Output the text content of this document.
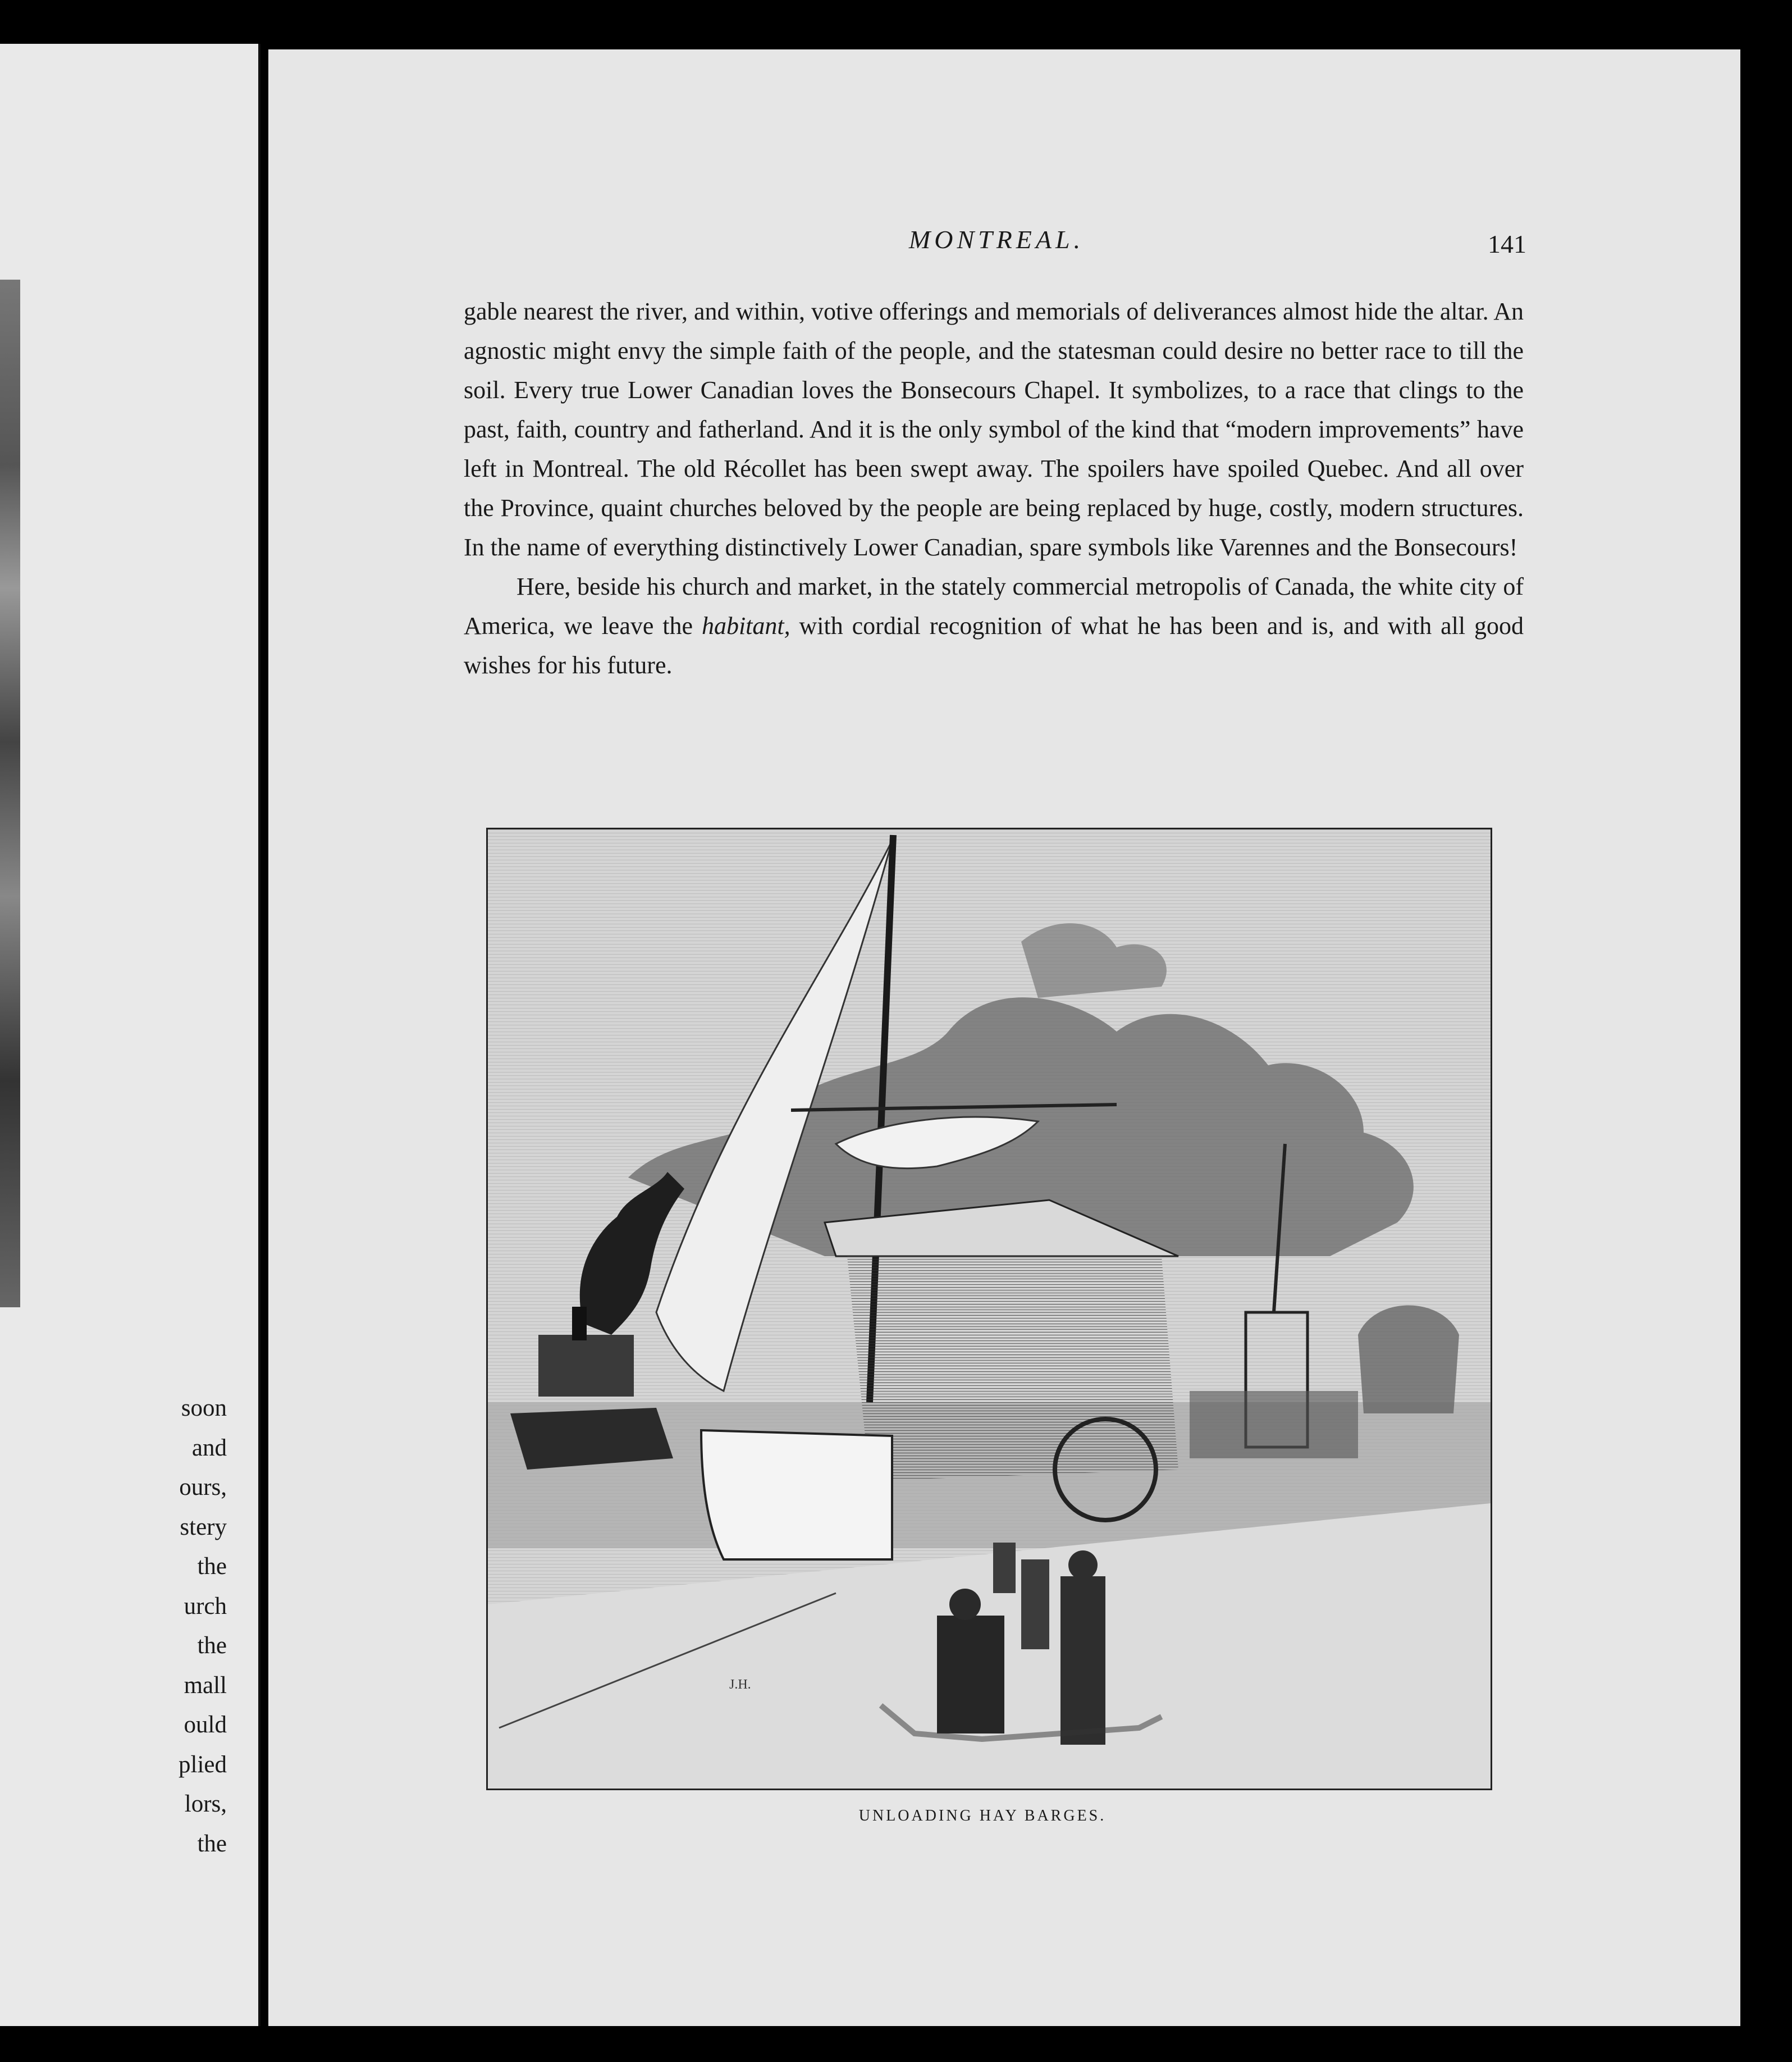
soon
and
ours,
stery
the
urch
the
mall
ould
plied
lors,
the
MONTREAL.	141

gable nearest the river, and within, votive offerings and memorials of deliverances almost hide the altar. An agnostic might envy the simple faith of the people, and the statesman could desire no better race to till the soil. Every true Lower Canadian loves the Bonsecours Chapel. It symbolizes, to a race that clings to the past, faith, country and fatherland. And it is the only symbol of the kind that “modern improvements” have left in Montreal. The old Récollet has been swept away. The spoilers have spoiled Quebec. And all over the Province, quaint churches beloved by the people are being replaced by huge, costly, modern structures. In the name of everything distinctively Lower Canadian, spare symbols like Varennes and the Bonsecours!

Here, beside his church and market, in the stately commercial metropolis of Canada, the white city of America, we leave the habitant, with cordial recognition of what he has been and is, and with all good wishes for his future.

J.H.
UNLOADING HAY BARGES.
